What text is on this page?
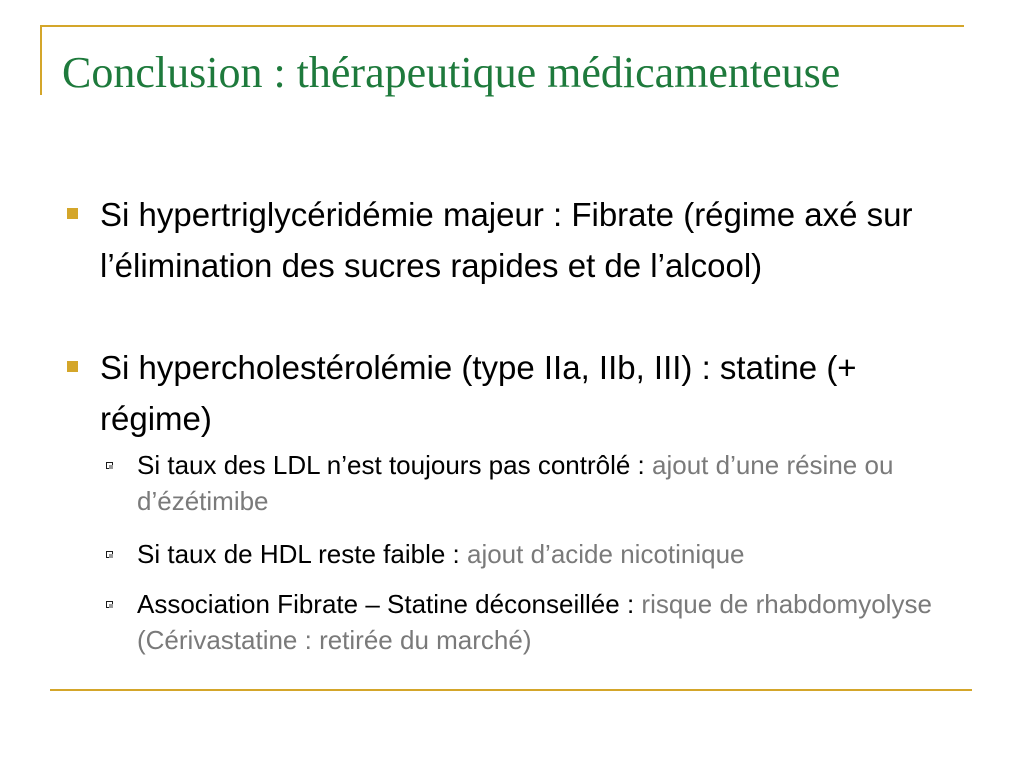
Conclusion : thérapeutique médicamenteuse
Si hypertriglycéridémie majeur : Fibrate (régime axé sur l’élimination des sucres rapides et de l’alcool)
Si hypercholestérolémie (type IIa, IIb, III) : statine (+ régime)
Si taux des LDL n’est toujours pas contrôlé : ajout d’une résine ou d’ézétimibe
Si taux de HDL reste faible : ajout d’acide nicotinique
Association Fibrate – Statine déconseillée : risque de rhabdomyolyse (Cérivastatine : retirée du marché)
